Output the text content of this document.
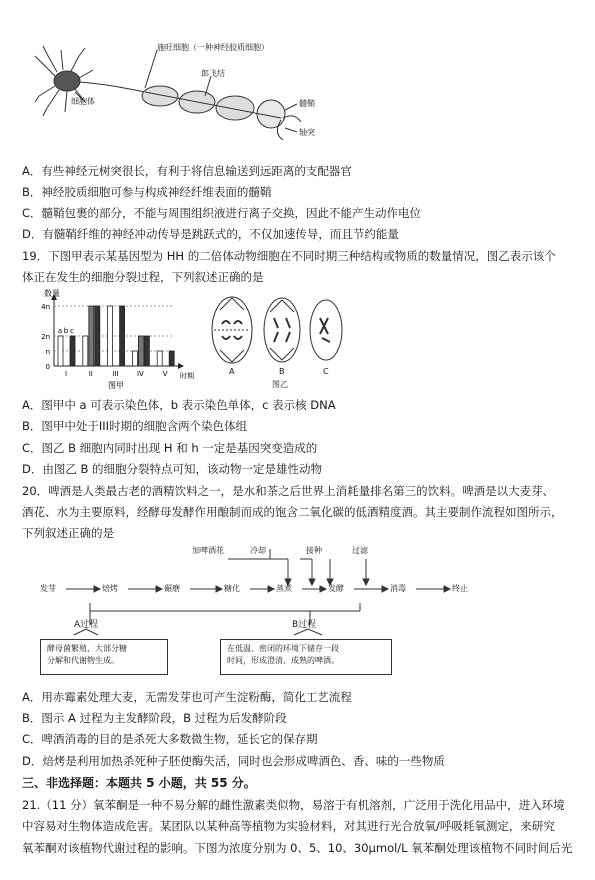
施旺细胞（一种神经胶质细胞）
郎飞结
细胞体	髓鞘
轴突
A．有些神经元树突很长，有利于将信息输送到远距离的支配器官
B．神经胶质细胞可参与构成神经纤维表面的髓鞘
C．髓鞘包裹的部分，不能与周围组织液进行离子交换，因此不能产生动作电位
D．有髓鞘纤维的神经冲动传导是跳跃式的，不仅加速传导，而且节约能量
19．下图甲表示某基因型为 HH 的二倍体动物细胞在不同时期三种结构或物质的数量情况，图乙表示该个
体正在发生的细胞分裂过程，下列叙述正确的是
4n
2n
n
0
数量
时期
I	II	III	IV	V
a b c
图甲
A	B	C
图乙
A．图甲中 a 可表示染色体，b 表示染色单体，c 表示核 DNA
B．图甲中处于III时期的细胞含两个染色体组
C．图乙 B 细胞内同时出现 H 和 h 一定是基因突变造成的
D．由图乙 B 的细胞分裂特点可知，该动物一定是雄性动物
20．啤酒是人类最古老的酒精饮料之一，是水和茶之后世界上消耗量排名第三的饮料。啤酒是以大麦芽、
酒花、水为主要原料，经酵母发酵作用酿制而成的饱含二氧化碳的低酒精度酒。其主要制作流程如图所示，
下列叙述正确的是
加啤酒花	冷却	接种	过滤
发芽	焙烤	碾磨	糖化	蒸煮	发酵	消毒	终止
A过程	B过程
酵母菌繁殖，大部分糖
分解和代谢物生成。
在低温、密闭的环境下储存一段
时间，形成澄清、成熟的啤酒。
A．用赤霉素处理大麦，无需发芽也可产生淀粉酶，简化工艺流程
B．图示 A 过程为主发酵阶段，B 过程为后发酵阶段
C．啤酒消毒的目的是杀死大多数微生物，延长它的保存期
D．焙烤是利用加热杀死种子胚使酶失活，同时也会形成啤酒色、香、味的一些物质
三、非选择题：本题共 5 小题，共 55 分。
21.（11 分）氧苯酮是一种不易分解的雌性激素类似物，易溶于有机溶剂，广泛用于洗化用品中，进入环境
中容易对生物体造成危害。某团队以某种高等植物为实验材料，对其进行光合放氧/呼吸耗氧测定，来研究
氧苯酮对该植物代谢过程的影响。下图为浓度分别为 0、5、10、30μmol/L 氧苯酮处理该植物不同时间后光
